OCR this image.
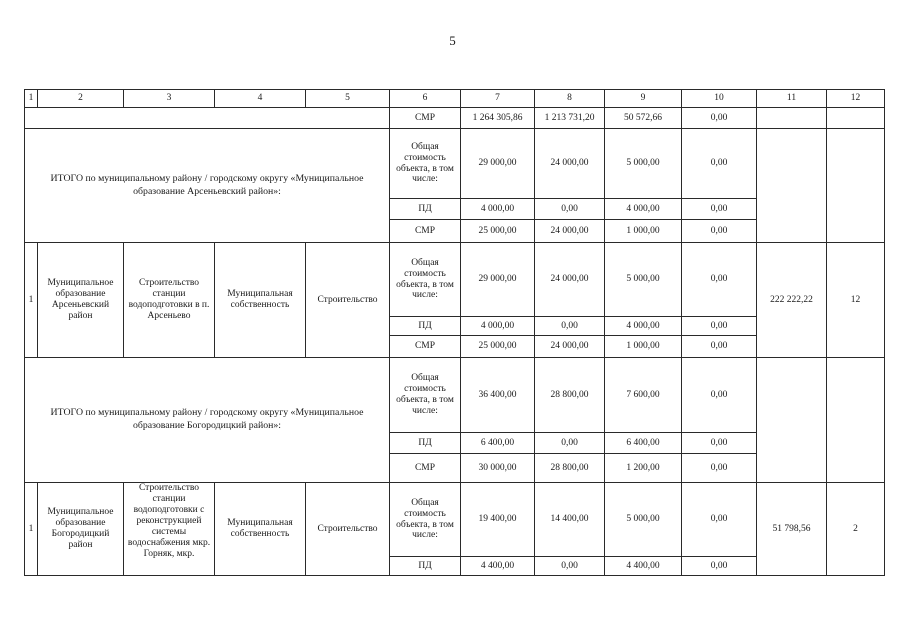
5
1	2	3	4	5	6	7	8	9	10	11	12
					СМР	1 264 305,86	1 213 731,20	50 572,66	0,00		
ИТОГО по муниципальному району / городскому округу «Муниципальное образование Арсеньевский район»:					Общая стоимость объекта, в том числе:	29 000,00	24 000,00	5 000,00	0,00		
					ПД	4 000,00	0,00	4 000,00	0,00		
					СМР	25 000,00	24 000,00	1 000,00	0,00		
1	Муниципальное образование Арсеньевский район	Строительство станции водоподготовки в п. Арсеньево	Муниципальная собственность	Строительство	Общая стоимость объекта, в том числе:	29 000,00	24 000,00	5 000,00	0,00	222 222,22	12
					ПД	4 000,00	0,00	4 000,00	0,00		
					СМР	25 000,00	24 000,00	1 000,00	0,00		
ИТОГО по муниципальному району / городскому округу «Муниципальное образование Богородицкий район»:					Общая стоимость объекта, в том числе:	36 400,00	28 800,00	7 600,00	0,00		
					ПД	6 400,00	0,00	6 400,00	0,00		
					СМР	30 000,00	28 800,00	1 200,00	0,00		
1	Муниципальное образование Богородицкий район	Строительство станции водоподготовки с реконструкцией системы водоснабжения мкр. Горняк, мкр.	Муниципальная собственность	Строительство	Общая стоимость объекта, в том числе:	19 400,00	14 400,00	5 000,00	0,00	51 798,56	2
					ПД	4 400,00	0,00	4 400,00	0,00		
